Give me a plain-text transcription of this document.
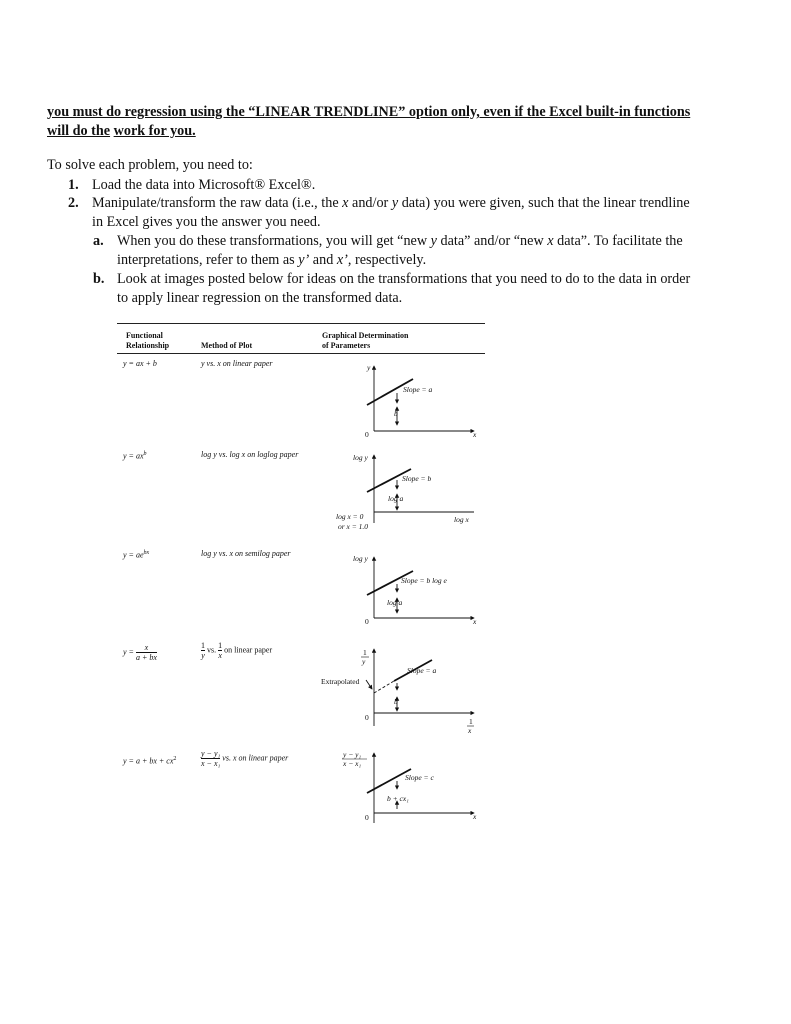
you must do regression using the “LINEAR TRENDLINE” option only, even if the Excel built-in functions
will do the work for you.
To solve each problem, you need to:
1. Load the data into Microsoft® Excel®.
2. Manipulate/transform the raw data (i.e., the x and/or y data) you were given, such that the linear trendline
in Excel gives you the answer you need.
a. When you do these transformations, you will get “new y data” and/or “new x data”. To facilitate the
interpretations, refer to them as y’ and x’, respectively.
b. Look at images posted below for ideas on the transformations that you need to do to the data in order
to apply linear regression on the transformed data.
Functional
Relationship	Method of Plot
Graphical Determination
of Parameters
y = ax + b	y vs. x on linear paper
$y = ax^b$	log y vs. log x on loglog paper
$y = ae^{bx}$	log y vs. x on semilog paper
$y = \frac{x}{a + bx}$	$\frac{1}{y}$ vs. $\frac{1}{x}$ on linear paper
y = a + bx + $cx^2$	$\frac{\text{y − y₁}}{\text{x − x₁}}$ vs. x on linear paper
y
x
0
Slope = a
b
log y
log x
log x = 0
or x = 1.0
Slope = b
log a
log y
x
0
Slope = b log e
log a
1
y
1
x
0
Slope = a
b
Extrapolated
y − y₁
x − x₁
x
0
Slope = c
b + cx₁
